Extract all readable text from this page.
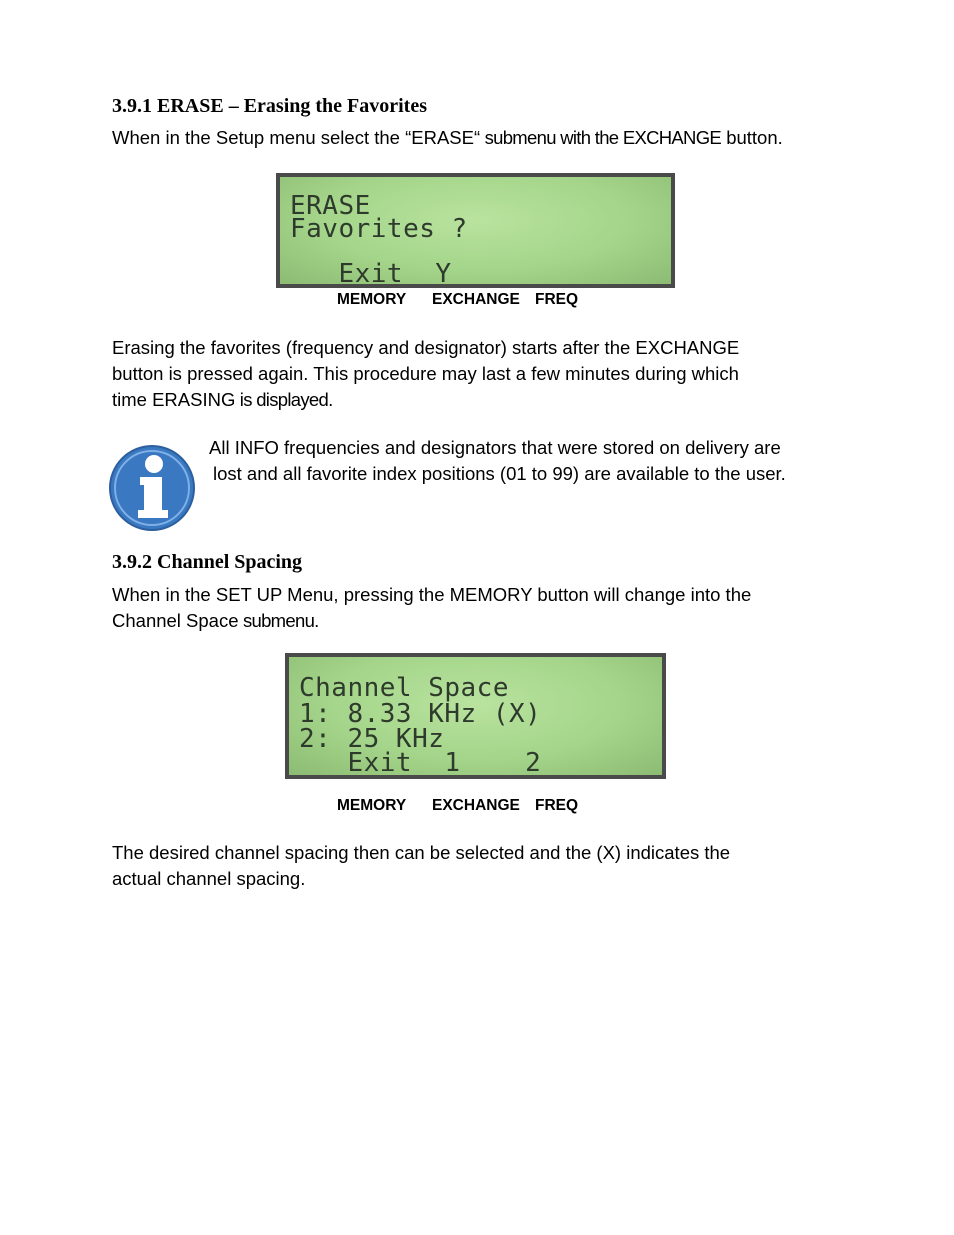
3.9.1 ERASE – Erasing the Favorites

When in the Setup menu select the “ERASE“ submenu with the EXCHANGE button.

ERASE
Favorites ?
Exit  Y
MEMORY EXCHANGE FREQ

Erasing the favorites (frequency and designator) starts after the EXCHANGE
button is pressed again. This procedure may last a few minutes during which
time ERASING is displayed.

All INFO frequencies and designators that were stored on delivery are
lost and all favorite index positions (01 to 99) are available to the user.

3.9.2 Channel Spacing

When in the SET UP Menu, pressing the MEMORY button will change into the
Channel Space submenu.

Channel Space
1: 8.33 KHz (X)
2: 25 KHz
Exit  1    2
MEMORY EXCHANGE FREQ

The desired channel spacing then can be selected and the (X) indicates the
actual channel spacing.
